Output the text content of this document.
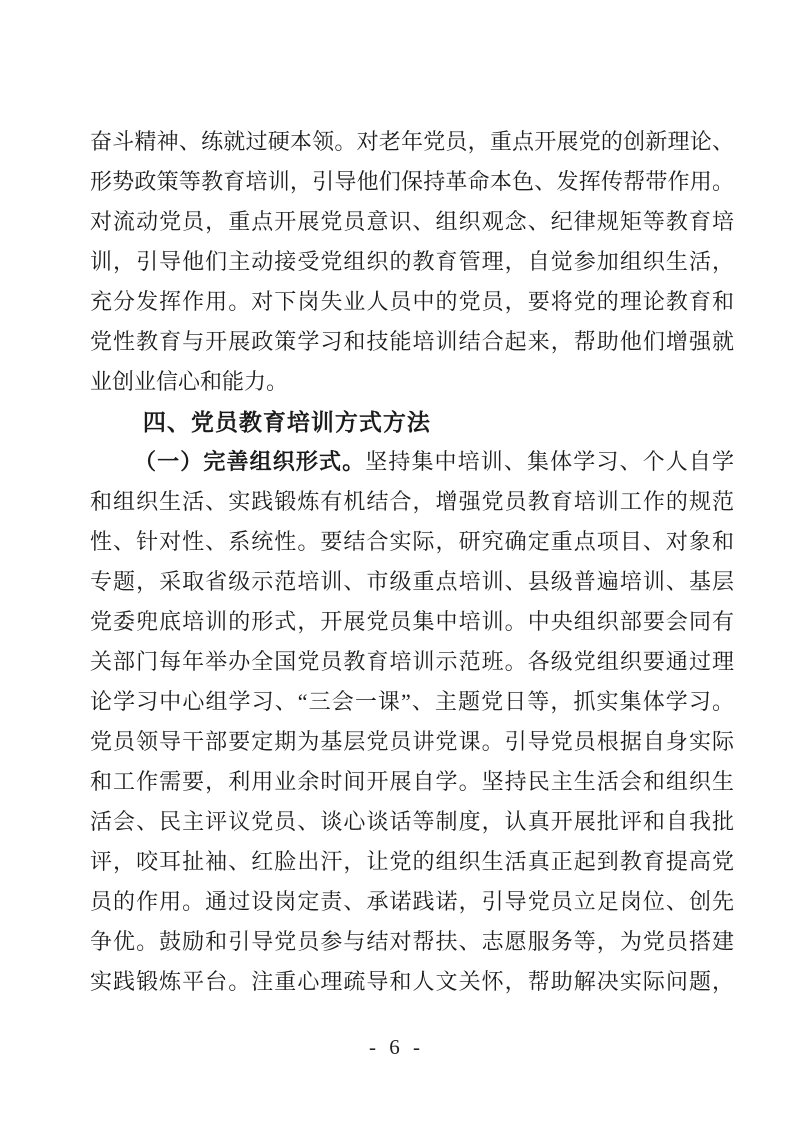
奋斗精神、练就过硬本领。对老年党员，重点开展党的创新理论、
形势政策等教育培训，引导他们保持革命本色、发挥传帮带作用。
对流动党员，重点开展党员意识、组织观念、纪律规矩等教育培
训，引导他们主动接受党组织的教育管理，自觉参加组织生活，
充分发挥作用。对下岗失业人员中的党员，要将党的理论教育和
党性教育与开展政策学习和技能培训结合起来，帮助他们增强就
业创业信心和能力。
四、党员教育培训方式方法
（一）完善组织形式。坚持集中培训、集体学习、个人自学
和组织生活、实践锻炼有机结合，增强党员教育培训工作的规范
性、针对性、系统性。要结合实际，研究确定重点项目、对象和
专题，采取省级示范培训、市级重点培训、县级普遍培训、基层
党委兜底培训的形式，开展党员集中培训。中央组织部要会同有
关部门每年举办全国党员教育培训示范班。各级党组织要通过理
论学习中心组学习、“三会一课”、主题党日等，抓实集体学习。
党员领导干部要定期为基层党员讲党课。引导党员根据自身实际
和工作需要，利用业余时间开展自学。坚持民主生活会和组织生
活会、民主评议党员、谈心谈话等制度，认真开展批评和自我批
评，咬耳扯袖、红脸出汗，让党的组织生活真正起到教育提高党
员的作用。通过设岗定责、承诺践诺，引导党员立足岗位、创先
争优。鼓励和引导党员参与结对帮扶、志愿服务等，为党员搭建
实践锻炼平台。注重心理疏导和人文关怀，帮助解决实际问题，
- 6 -
